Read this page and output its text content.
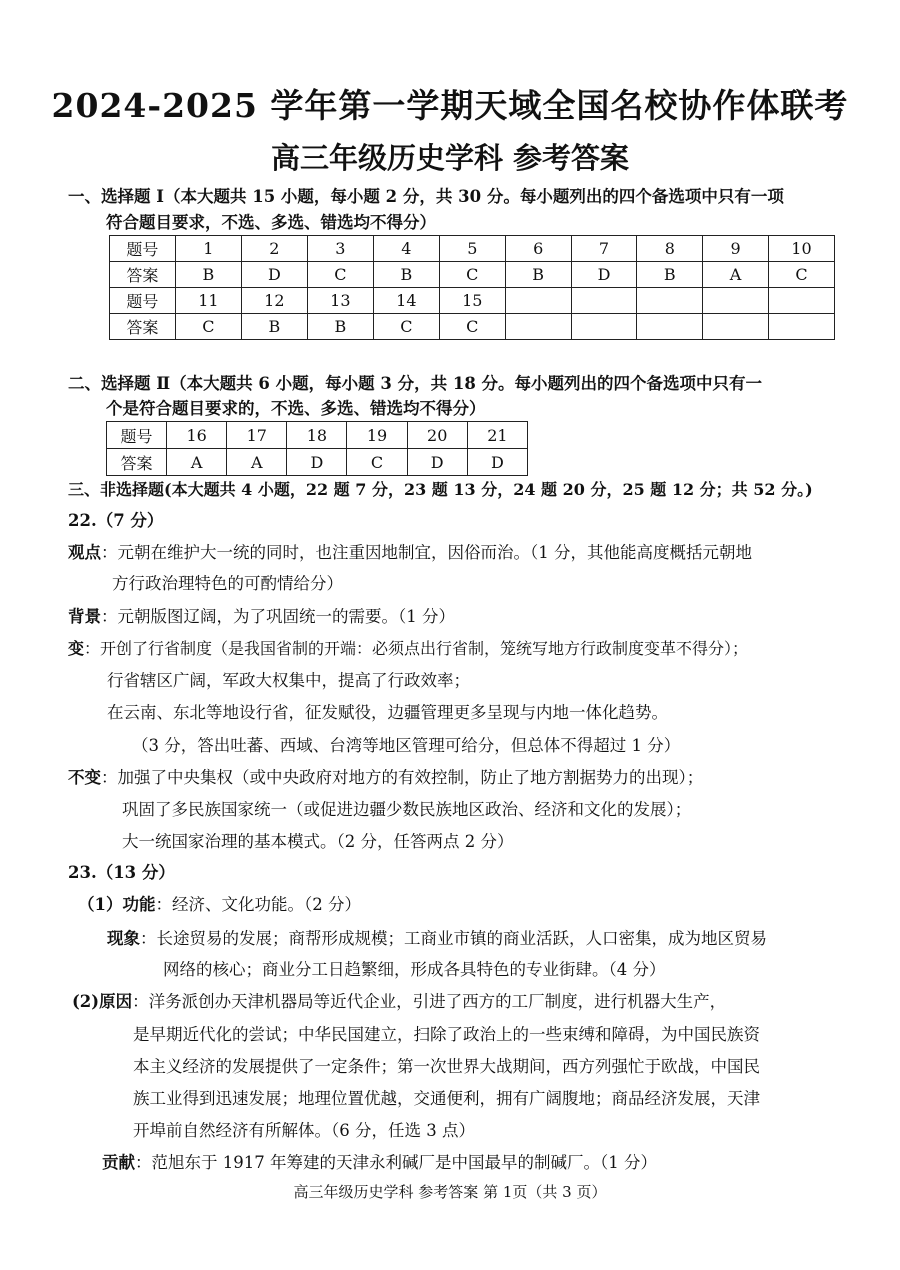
2024-2025 学年第一学期天域全国名校协作体联考
高三年级历史学科 参考答案
一、选择题 I（本大题共 15 小题，每小题 2 分，共 30 分。每小题列出的四个备选项中只有一项
符合题目要求，不选、多选、错选均不得分）
题号	1	2	3	4	5	6	7	8	9	10
答案	B	D	C	B	C	B	D	B	A	C
题号	11	12	13	14	15					
答案	C	B	B	C	C					
二、选择题 Ⅱ（本大题共 6 小题，每小题 3 分，共 18 分。每小题列出的四个备选项中只有一
个是符合题目要求的，不选、多选、错选均不得分）
题号	16	17	18	19	20	21
答案	A	A	D	C	D	D
三、非选择题(本大题共 4 小题，22 题 7 分，23 题 13 分，24 题 20 分，25 题 12 分；共 52 分。)
22.（7 分）
观点：元朝在维护大一统的同时，也注重因地制宜，因俗而治。（1 分，其他能高度概括元朝地
方行政治理特色的可酌情给分）
背景：元朝版图辽阔，为了巩固统一的需要。（1 分）
变：开创了行省制度（是我国省制的开端：必须点出行省制，笼统写地方行政制度变革不得分）；
行省辖区广阔，军政大权集中，提高了行政效率；
在云南、东北等地设行省，征发赋役，边疆管理更多呈现与内地一体化趋势。
（3 分，答出吐蕃、西域、台湾等地区管理可给分，但总体不得超过 1 分）
不变：加强了中央集权（或中央政府对地方的有效控制，防止了地方割据势力的出现）；
巩固了多民族国家统一（或促进边疆少数民族地区政治、经济和文化的发展）；
大一统国家治理的基本模式。（2 分，任答两点 2 分）
23.（13 分）
（1）功能：经济、文化功能。（2 分）
现象：长途贸易的发展；商帮形成规模；工商业市镇的商业活跃，人口密集，成为地区贸易
网络的核心；商业分工日趋繁细，形成各具特色的专业街肆。（4 分）
(2)原因：洋务派创办天津机器局等近代企业，引进了西方的工厂制度，进行机器大生产，
是早期近代化的尝试；中华民国建立，扫除了政治上的一些束缚和障碍，为中国民族资
本主义经济的发展提供了一定条件；第一次世界大战期间，西方列强忙于欧战，中国民
族工业得到迅速发展；地理位置优越，交通便利，拥有广阔腹地；商品经济发展，天津
开埠前自然经济有所解体。（6 分，任选 3 点）
贡献：范旭东于 1917 年筹建的天津永利碱厂是中国最早的制碱厂。（1 分）
高三年级历史学科 参考答案 第 1页（共 3 页）
